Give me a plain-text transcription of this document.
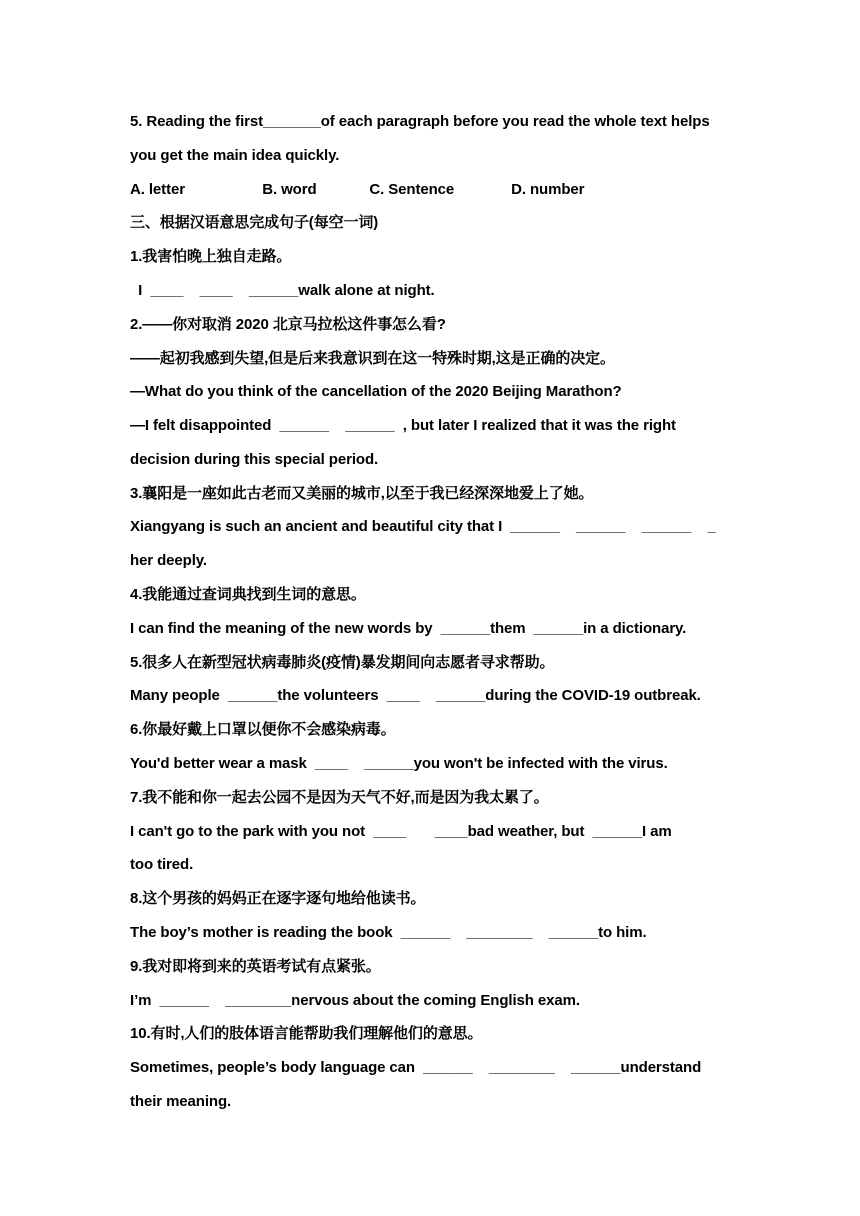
5. Reading the first_______of each paragraph before you read the whole text helps
you get the main idea quickly.
A. letter                   B. word             C. Sentence              D. number
三、根据汉语意思完成句子(每空一词)
1.我害怕晚上独自走路。
I  ____    ____    ______walk alone at night.
2.——你对取消 2020 北京马拉松这件事怎么看?
——起初我感到失望,但是后来我意识到在这一特殊时期,这是正确的决定。
—What do you think of the cancellation of the 2020 Beijing Marathon?
—I felt disappointed  ______    ______  , but later I realized that it was the right
decision during this special period.
3.襄阳是一座如此古老而又美丽的城市,以至于我已经深深地爱上了她。
Xiangyang is such an ancient and beautiful city that I  ______    ______    ______    _
her deeply.
4.我能通过查词典找到生词的意思。
I can find the meaning of the new words by  ______them  ______in a dictionary.
5.很多人在新型冠状病毒肺炎(疫情)暴发期间向志愿者寻求帮助。
Many people  ______the volunteers  ____    ______during the COVID-19 outbreak.
6.你最好戴上口罩以便你不会感染病毒。
You'd better wear a mask  ____    ______you won't be infected with the virus.
7.我不能和你一起去公园不是因为天气不好,而是因为我太累了。
I can't go to the park with you not  ____       ____bad weather, but  ______I am
too tired.
8.这个男孩的妈妈正在逐字逐句地给他读书。
The boy’s mother is reading the book  ______    ________    ______to him.
9.我对即将到来的英语考试有点紧张。
I’m  ______    ________nervous about the coming English exam.
10.有时,人们的肢体语言能帮助我们理解他们的意思。
Sometimes, people’s body language can  ______    ________    ______understand
their meaning.
